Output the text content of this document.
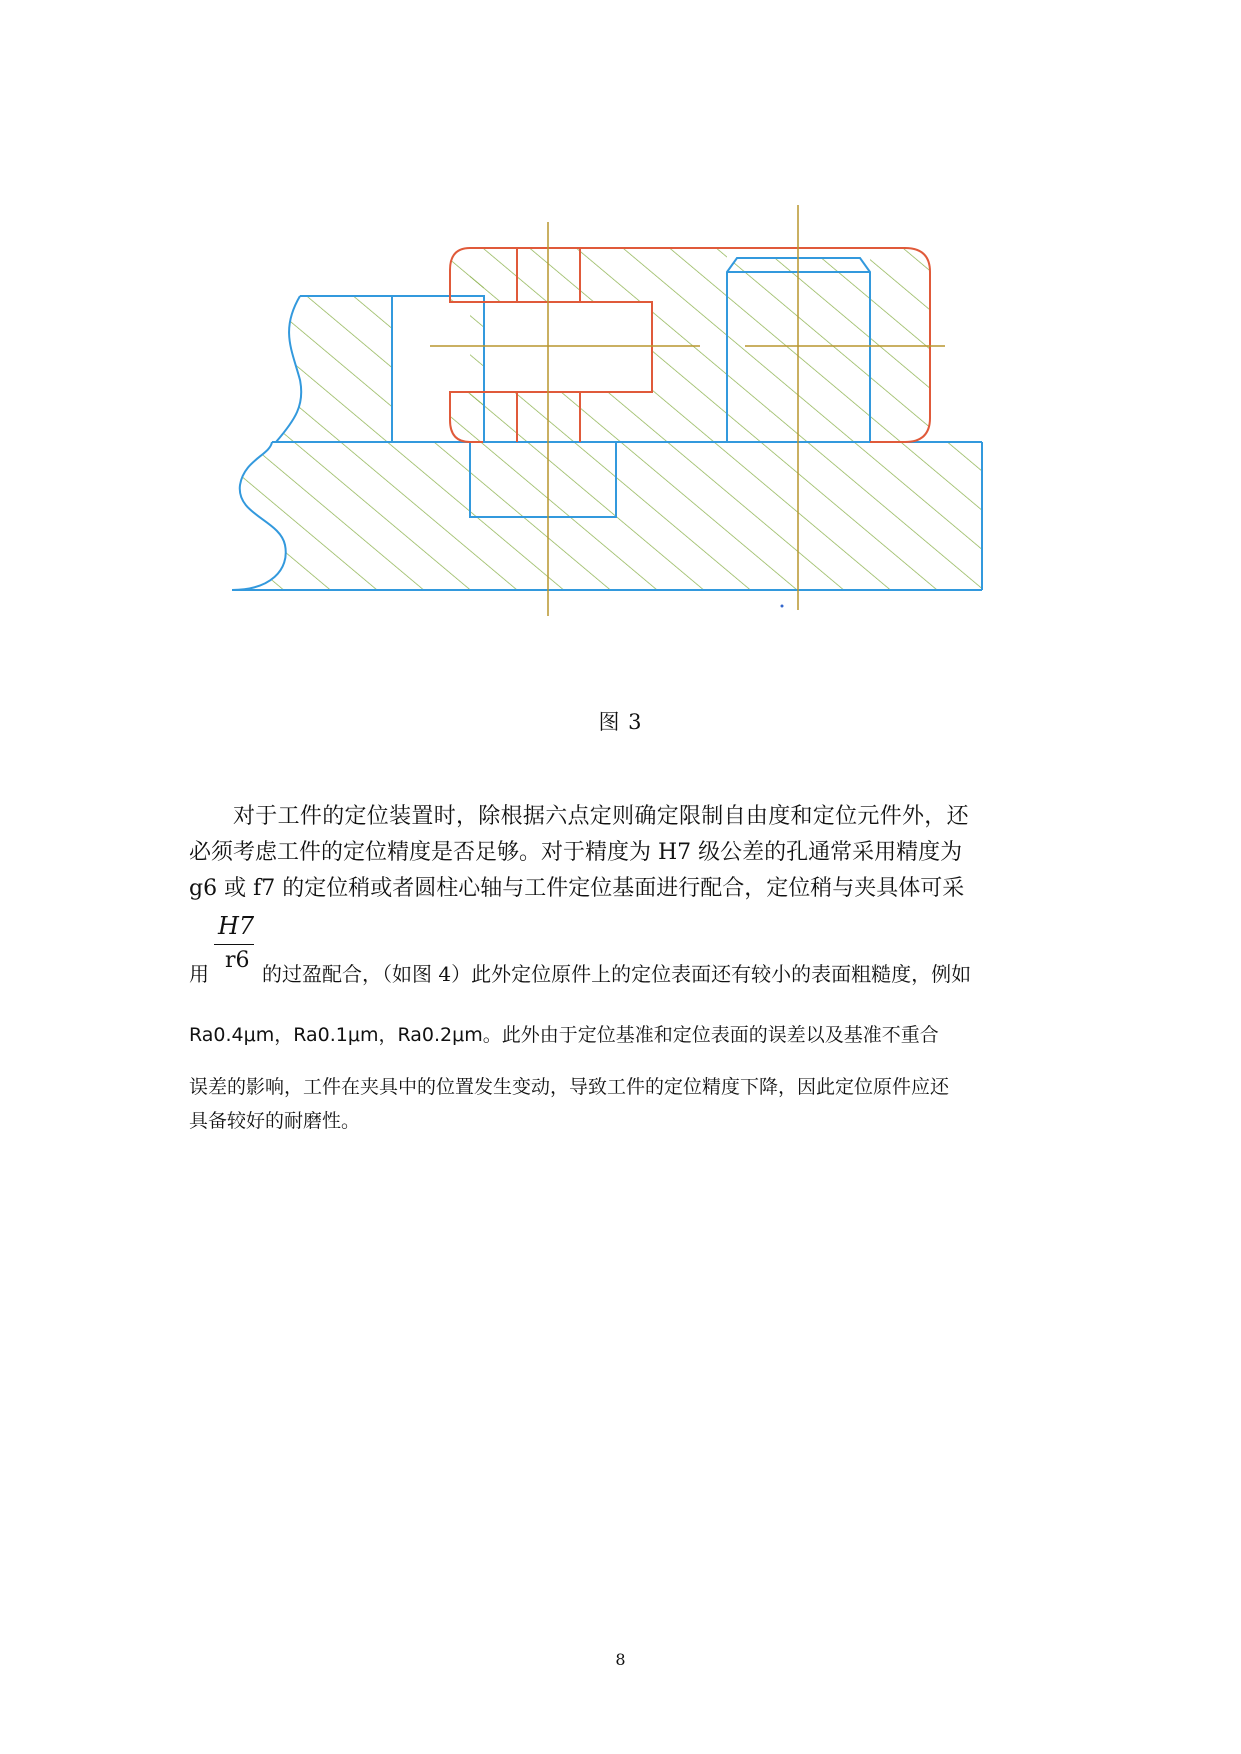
图 3
对于工件的定位装置时，除根据六点定则确定限制自由度和定位元件外，还
必须考虑工件的定位精度是否足够。对于精度为 H7 级公差的孔通常采用精度为
g6 或 f7 的定位稍或者圆柱心轴与工件定位基面进行配合，定位稍与夹具体可采
H7
r6
用	的过盈配合，（如图 4）此外定位原件上的定位表面还有较小的表面粗糙度，例如
Ra0.4μm，Ra0.1μm，Ra0.2μm。此外由于定位基准和定位表面的误差以及基准不重合
误差的影响，工件在夹具中的位置发生变动，导致工件的定位精度下降，因此定位原件应还
具备较好的耐磨性。
8
